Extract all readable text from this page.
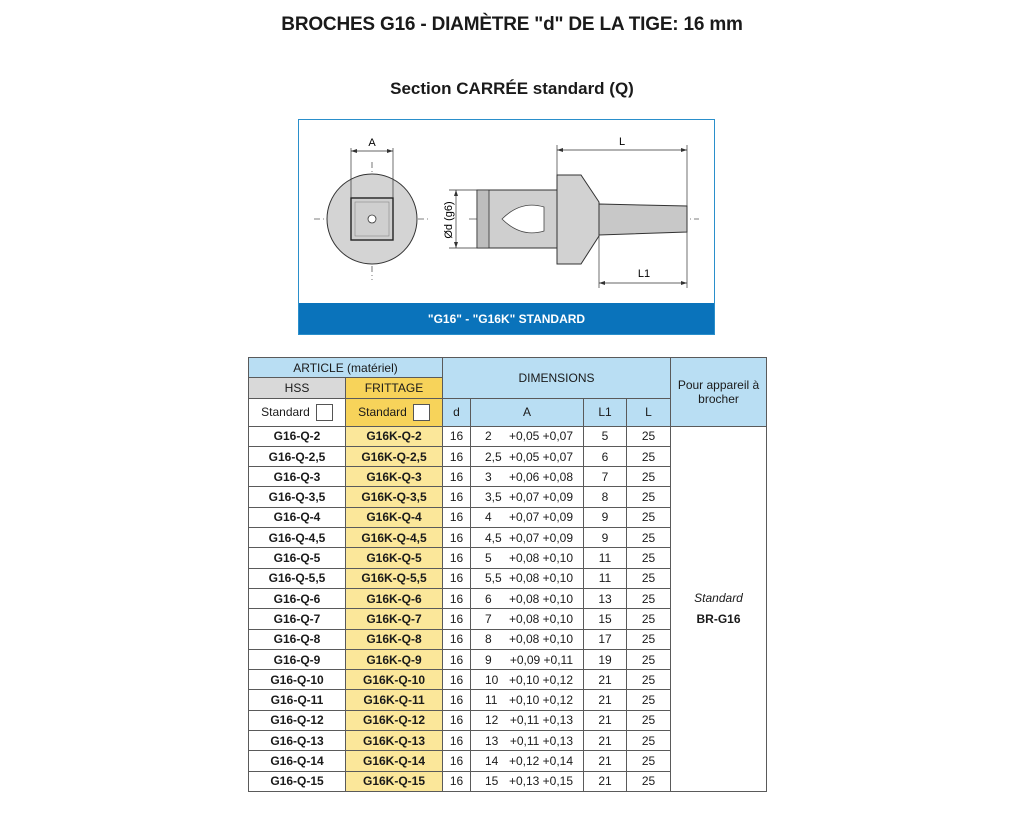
BROCHES G16 - DIAMÈTRE "d" DE LA TIGE: 16 mm
Section CARRÉE standard (Q)
A	L
L1
Ød (g6)
"G16" - "G16K" STANDARD
ARTICLE (matériel)		DIMENSIONS				Pour appareil à brocher
HSS	FRITTAGE					
Standard	Standard	d	A	L1	L	
G16-Q-2	G16K-Q-2	16	2 +0,05 +0,07	5	25	Standard
BR-G16

G16-Q-2,5	G16K-Q-2,5	16	2,5 +0,05 +0,07	6	25	
G16-Q-3	G16K-Q-3	16	3 +0,06 +0,08	7	25	
G16-Q-3,5	G16K-Q-3,5	16	3,5 +0,07 +0,09	8	25	
G16-Q-4	G16K-Q-4	16	4 +0,07 +0,09	9	25	
G16-Q-4,5	G16K-Q-4,5	16	4,5 +0,07 +0,09	9	25	
G16-Q-5	G16K-Q-5	16	5 +0,08 +0,10	11	25	
G16-Q-5,5	G16K-Q-5,5	16	5,5 +0,08 +0,10	11	25	
G16-Q-6	G16K-Q-6	16	6 +0,08 +0,10	13	25	
G16-Q-7	G16K-Q-7	16	7 +0,08 +0,10	15	25	
G16-Q-8	G16K-Q-8	16	8 +0,08 +0,10	17	25	
G16-Q-9	G16K-Q-9	16	9 +0,09 +0,11	19	25	
G16-Q-10	G16K-Q-10	16	10 +0,10 +0,12	21	25	
G16-Q-11	G16K-Q-11	16	11 +0,10 +0,12	21	25	
G16-Q-12	G16K-Q-12	16	12 +0,11 +0,13	21	25	
G16-Q-13	G16K-Q-13	16	13 +0,11 +0,13	21	25	
G16-Q-14	G16K-Q-14	16	14 +0,12 +0,14	21	25	
G16-Q-15	G16K-Q-15	16	15 +0,13 +0,15	21	25	
